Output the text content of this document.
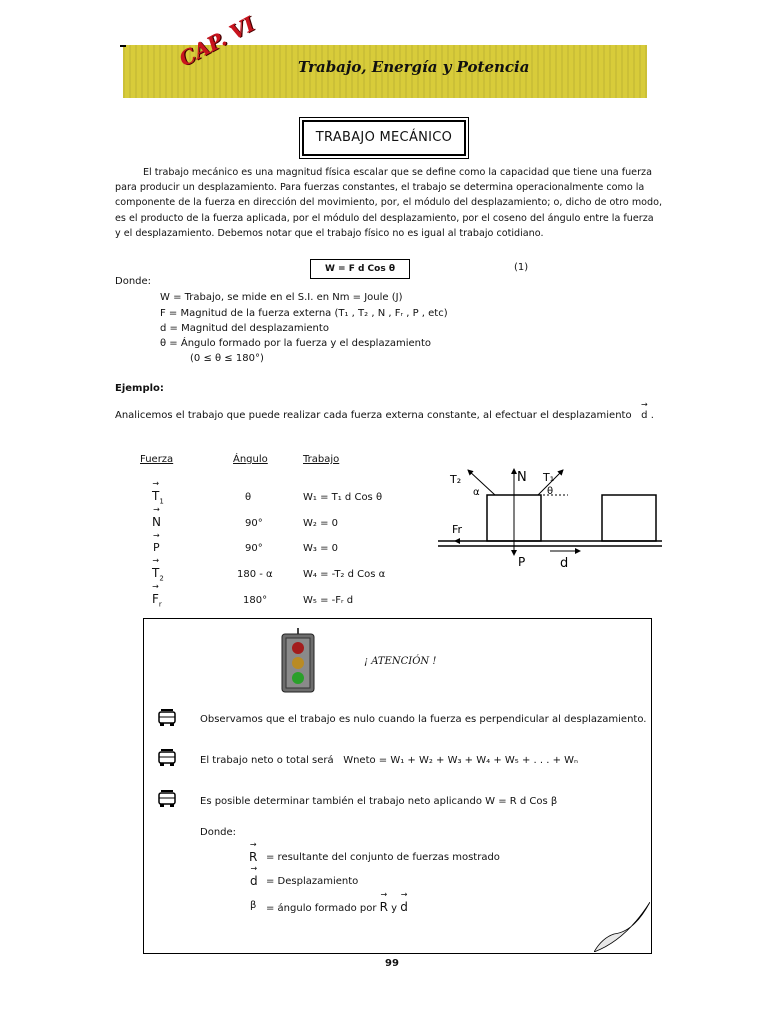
CAP. VI	Trabajo, Energía y Potencia
TRABAJO MECÁNICO
El trabajo mecánico es una magnitud física escalar que se define como la capacidad que tiene una fuerza
para producir un desplazamiento. Para fuerzas constantes, el trabajo se determina operacionalmente como la
componente de la fuerza en dirección del movimiento, por, el módulo del desplazamiento; o, dicho de otro modo,
es el producto de la fuerza aplicada, por el módulo del desplazamiento, por el coseno del ángulo entre la fuerza
y el desplazamiento. Debemos notar que el trabajo físico no es igual al trabajo cotidiano.
W = F d Cos θ	(1)
Donde:
W = Trabajo, se mide en el S.I. en Nm = Joule (J)
F = Magnitud de la fuerza externa (T₁ , T₂ , N , Fᵣ , P , etc)
d = Magnitud del desplazamiento
θ = Ángulo formado por la fuerza y el desplazamiento
(0 ≤ θ ≤ 180°)
Ejemplo:
Analicemos el trabajo que puede realizar cada fuerza externa constante, al efectuar el desplazamiento → d .
Fuerza	Ángulo	Trabajo
→ $T_1$	θ	W₁ = T₁ d Cos θ
→ N	90°	W₂ = 0
→ P	90°	W₃ = 0
→ $T_2$	180 - α	W₄ = -T₂ d Cos α
→ $F_r$	180°	W₅ = -Fᵣ d
T₂
α
N T₁
θ
Fr
P	d
¡ ATENCIÓN !
Observamos que el trabajo es nulo cuando la fuerza es perpendicular al desplazamiento.
El trabajo neto o total será Wneto = W₁ + W₂ + W₃ + W₄ + W₅ + . . . + Wₙ
Es posible determinar también el trabajo neto aplicando W = R d Cos β
Donde:
→ R = resultante del conjunto de fuerzas mostrado
→ d = Desplazamiento
β = ángulo formado por → R y → d
99
